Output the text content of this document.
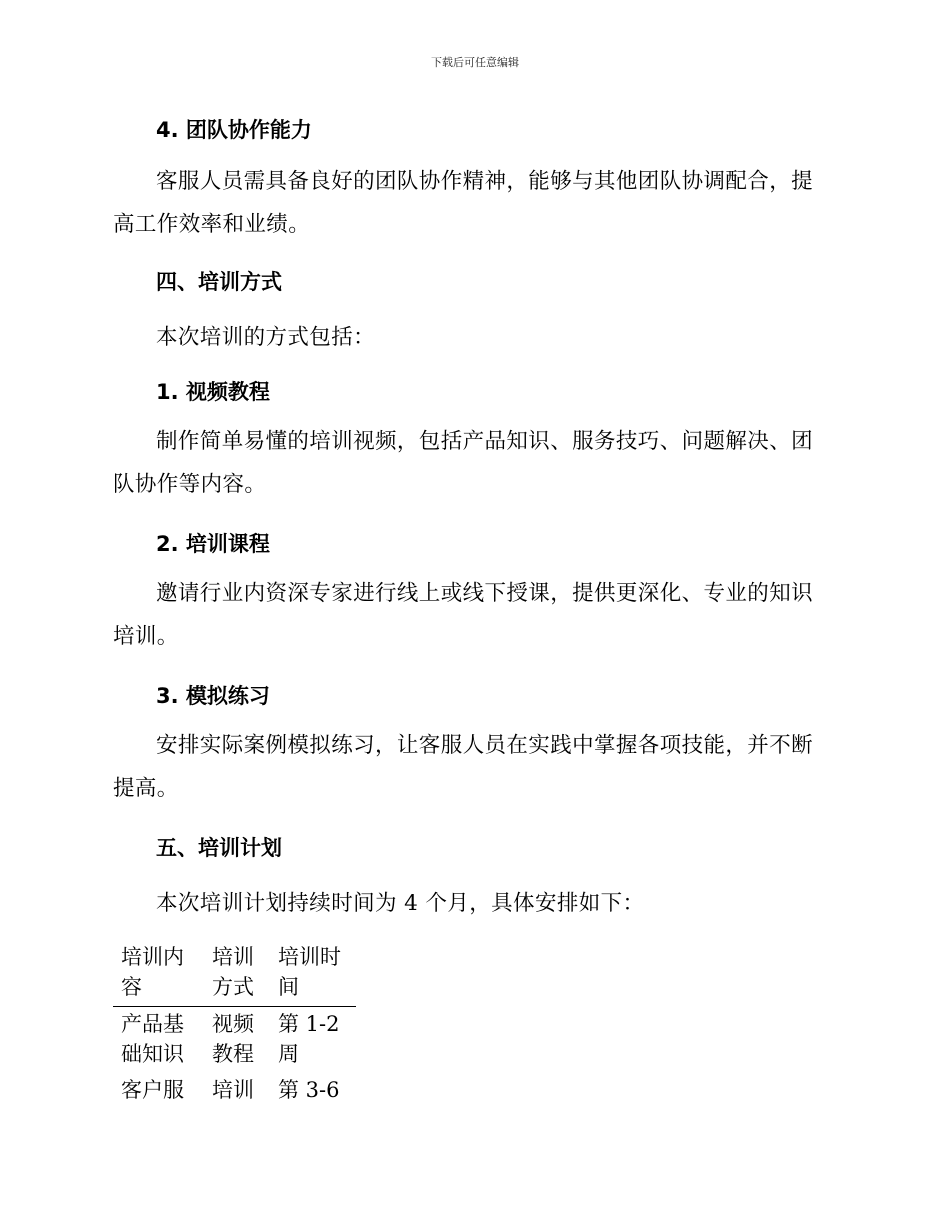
下载后可任意编辑
4. 团队协作能力
客服人员需具备良好的团队协作精神，能够与其他团队协调配合，提高工作效率和业绩。
四、培训方式
本次培训的方式包括：
1. 视频教程
制作简单易懂的培训视频，包括产品知识、服务技巧、问题解决、团队协作等内容。
2. 培训课程
邀请行业内资深专家进行线上或线下授课，提供更深化、专业的知识培训。
3. 模拟练习
安排实际案例模拟练习，让客服人员在实践中掌握各项技能，并不断提高。
五、培训计划
本次培训计划持续时间为 4 个月，具体安排如下：
培训内容	培训方式	培训时间
产品基础知识	视频教程	第 1-2 周
客户服	培训	第 3-6
